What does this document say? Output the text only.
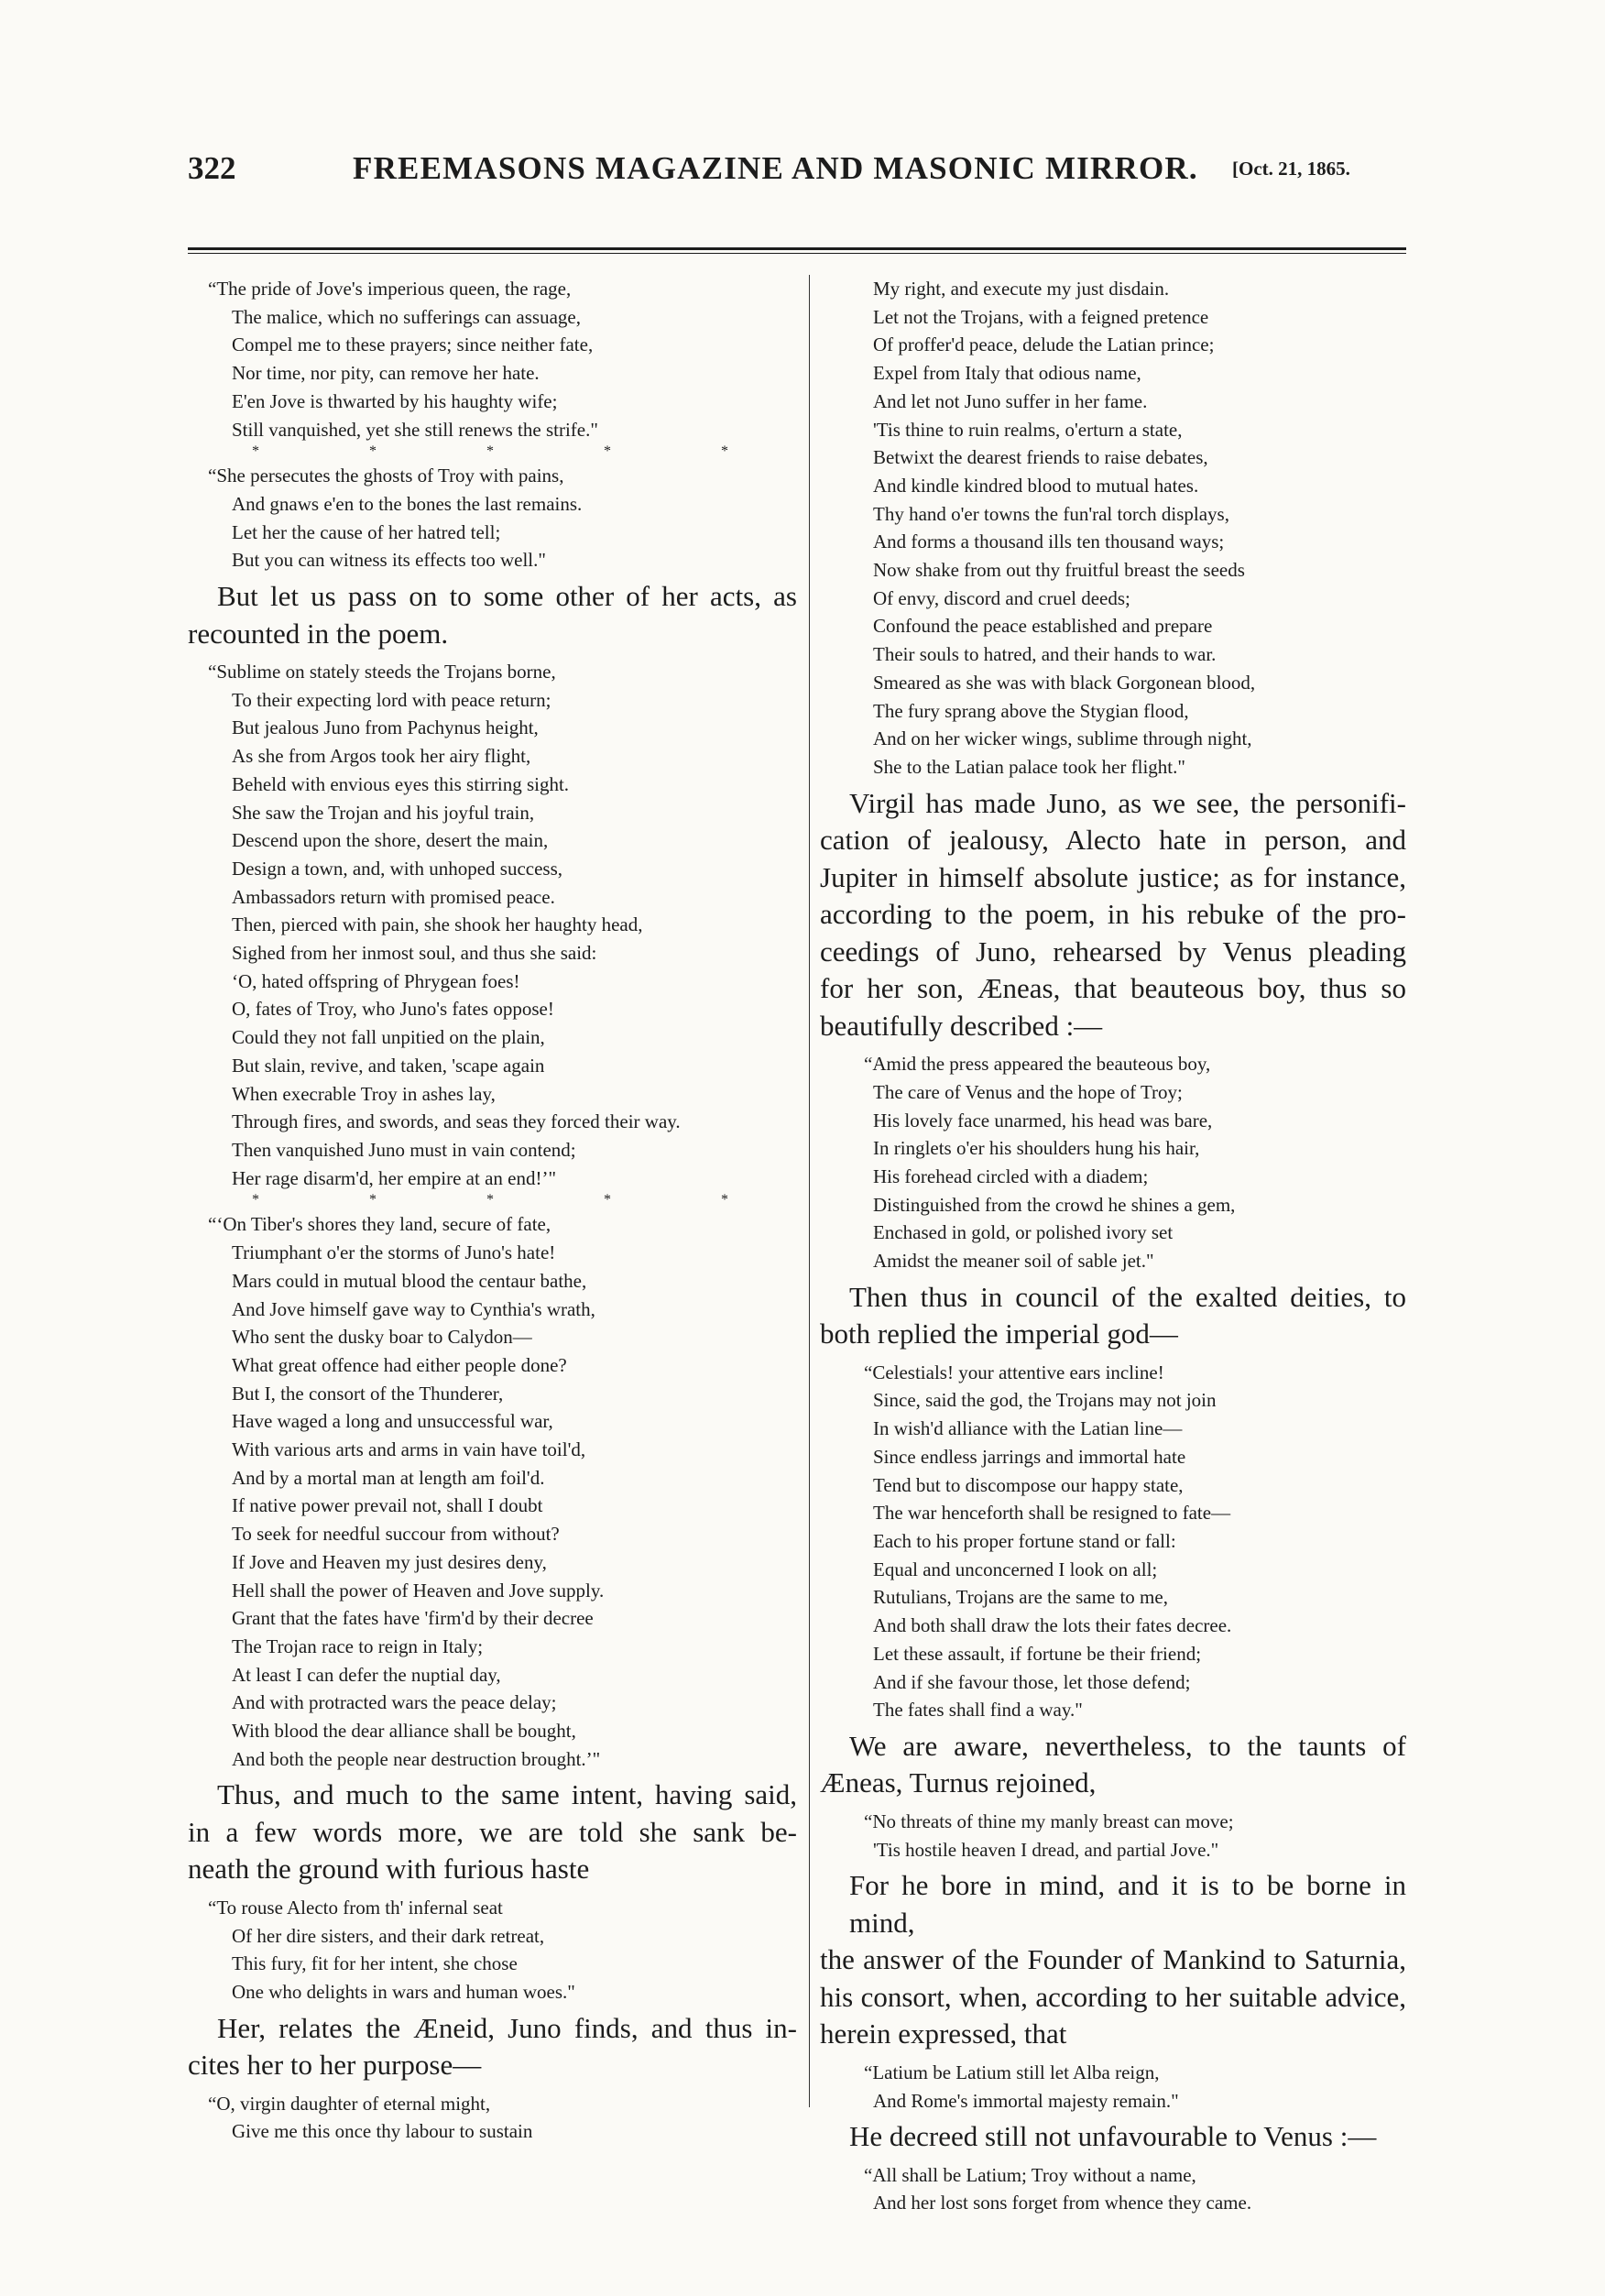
322	FREEMASONS MAGAZINE AND MASONIC MIRROR. [Oct. 21, 1865.
“The pride of Jove's imperious queen, the rage,
The malice, which no sufferings can assuage,
Compel me to these prayers; since neither fate,
Nor time, nor pity, can remove her hate.
E'en Jove is thwarted by his haughty wife;
Still vanquished, yet she still renews the strife."
* * * * *
“She persecutes the ghosts of Troy with pains,
And gnaws e'en to the bones the last remains.
Let her the cause of her hatred tell;
But you can witness its effects too well."
But let us pass on to some other of her acts, as
recounted in the poem.
“Sublime on stately steeds the Trojans borne,
To their expecting lord with peace return;
But jealous Juno from Pachynus height,
As she from Argos took her airy flight,
Beheld with envious eyes this stirring sight.
She saw the Trojan and his joyful train,
Descend upon the shore, desert the main,
Design a town, and, with unhoped success,
Ambassadors return with promised peace.
Then, pierced with pain, she shook her haughty head,
Sighed from her inmost soul, and thus she said:
‘O, hated offspring of Phrygean foes!
O, fates of Troy, who Juno's fates oppose!
Could they not fall unpitied on the plain,
But slain, revive, and taken, 'scape again
When execrable Troy in ashes lay,
Through fires, and swords, and seas they forced their way.
Then vanquished Juno must in vain contend;
Her rage disarm'd, her empire at an end!’"
* * * * *
“‘On Tiber's shores they land, secure of fate,
Triumphant o'er the storms of Juno's hate!
Mars could in mutual blood the centaur bathe,
And Jove himself gave way to Cynthia's wrath,
Who sent the dusky boar to Calydon—
What great offence had either people done?
But I, the consort of the Thunderer,
Have waged a long and unsuccessful war,
With various arts and arms in vain have toil'd,
And by a mortal man at length am foil'd.
If native power prevail not, shall I doubt
To seek for needful succour from without?
If Jove and Heaven my just desires deny,
Hell shall the power of Heaven and Jove supply.
Grant that the fates have 'firm'd by their decree
The Trojan race to reign in Italy;
At least I can defer the nuptial day,
And with protracted wars the peace delay;
With blood the dear alliance shall be bought,
And both the people near destruction brought.’"
Thus, and much to the same intent, having said,
in a few words more, we are told she sank be-
neath the ground with furious haste
“To rouse Alecto from th' infernal seat
Of her dire sisters, and their dark retreat,
This fury, fit for her intent, she chose
One who delights in wars and human woes."
Her, relates the Æneid, Juno finds, and thus in-
cites her to her purpose—
“O, virgin daughter of eternal might,
Give me this once thy labour to sustain
My right, and execute my just disdain.
Let not the Trojans, with a feigned pretence
Of proffer'd peace, delude the Latian prince;
Expel from Italy that odious name,
And let not Juno suffer in her fame.
'Tis thine to ruin realms, o'erturn a state,
Betwixt the dearest friends to raise debates,
And kindle kindred blood to mutual hates.
Thy hand o'er towns the fun'ral torch displays,
And forms a thousand ills ten thousand ways;
Now shake from out thy fruitful breast the seeds
Of envy, discord and cruel deeds;
Confound the peace established and prepare
Their souls to hatred, and their hands to war.
Smeared as she was with black Gorgonean blood,
The fury sprang above the Stygian flood,
And on her wicker wings, sublime through night,
She to the Latian palace took her flight."
Virgil has made Juno, as we see, the personifi-
cation of jealousy, Alecto hate in person, and
Jupiter in himself absolute justice; as for instance,
according to the poem, in his rebuke of the pro-
ceedings of Juno, rehearsed by Venus pleading
for her son, Æneas, that beauteous boy, thus so
beautifully described :—
“Amid the press appeared the beauteous boy,
The care of Venus and the hope of Troy;
His lovely face unarmed, his head was bare,
In ringlets o'er his shoulders hung his hair,
His forehead circled with a diadem;
Distinguished from the crowd he shines a gem,
Enchased in gold, or polished ivory set
Amidst the meaner soil of sable jet."
Then thus in council of the exalted deities, to
both replied the imperial god—
“Celestials! your attentive ears incline!
Since, said the god, the Trojans may not join
In wish'd alliance with the Latian line—
Since endless jarrings and immortal hate
Tend but to discompose our happy state,
The war henceforth shall be resigned to fate—
Each to his proper fortune stand or fall:
Equal and unconcerned I look on all;
Rutulians, Trojans are the same to me,
And both shall draw the lots their fates decree.
Let these assault, if fortune be their friend;
And if she favour those, let those defend;
The fates shall find a way."
We are aware, nevertheless, to the taunts of
Æneas, Turnus rejoined,
“No threats of thine my manly breast can move;
'Tis hostile heaven I dread, and partial Jove."
For he bore in mind, and it is to be borne in mind,
the answer of the Founder of Mankind to Saturnia,
his consort, when, according to her suitable advice,
herein expressed, that
“Latium be Latium still let Alba reign,
And Rome's immortal majesty remain."
He decreed still not unfavourable to Venus :—
“All shall be Latium; Troy without a name,
And her lost sons forget from whence they came.
